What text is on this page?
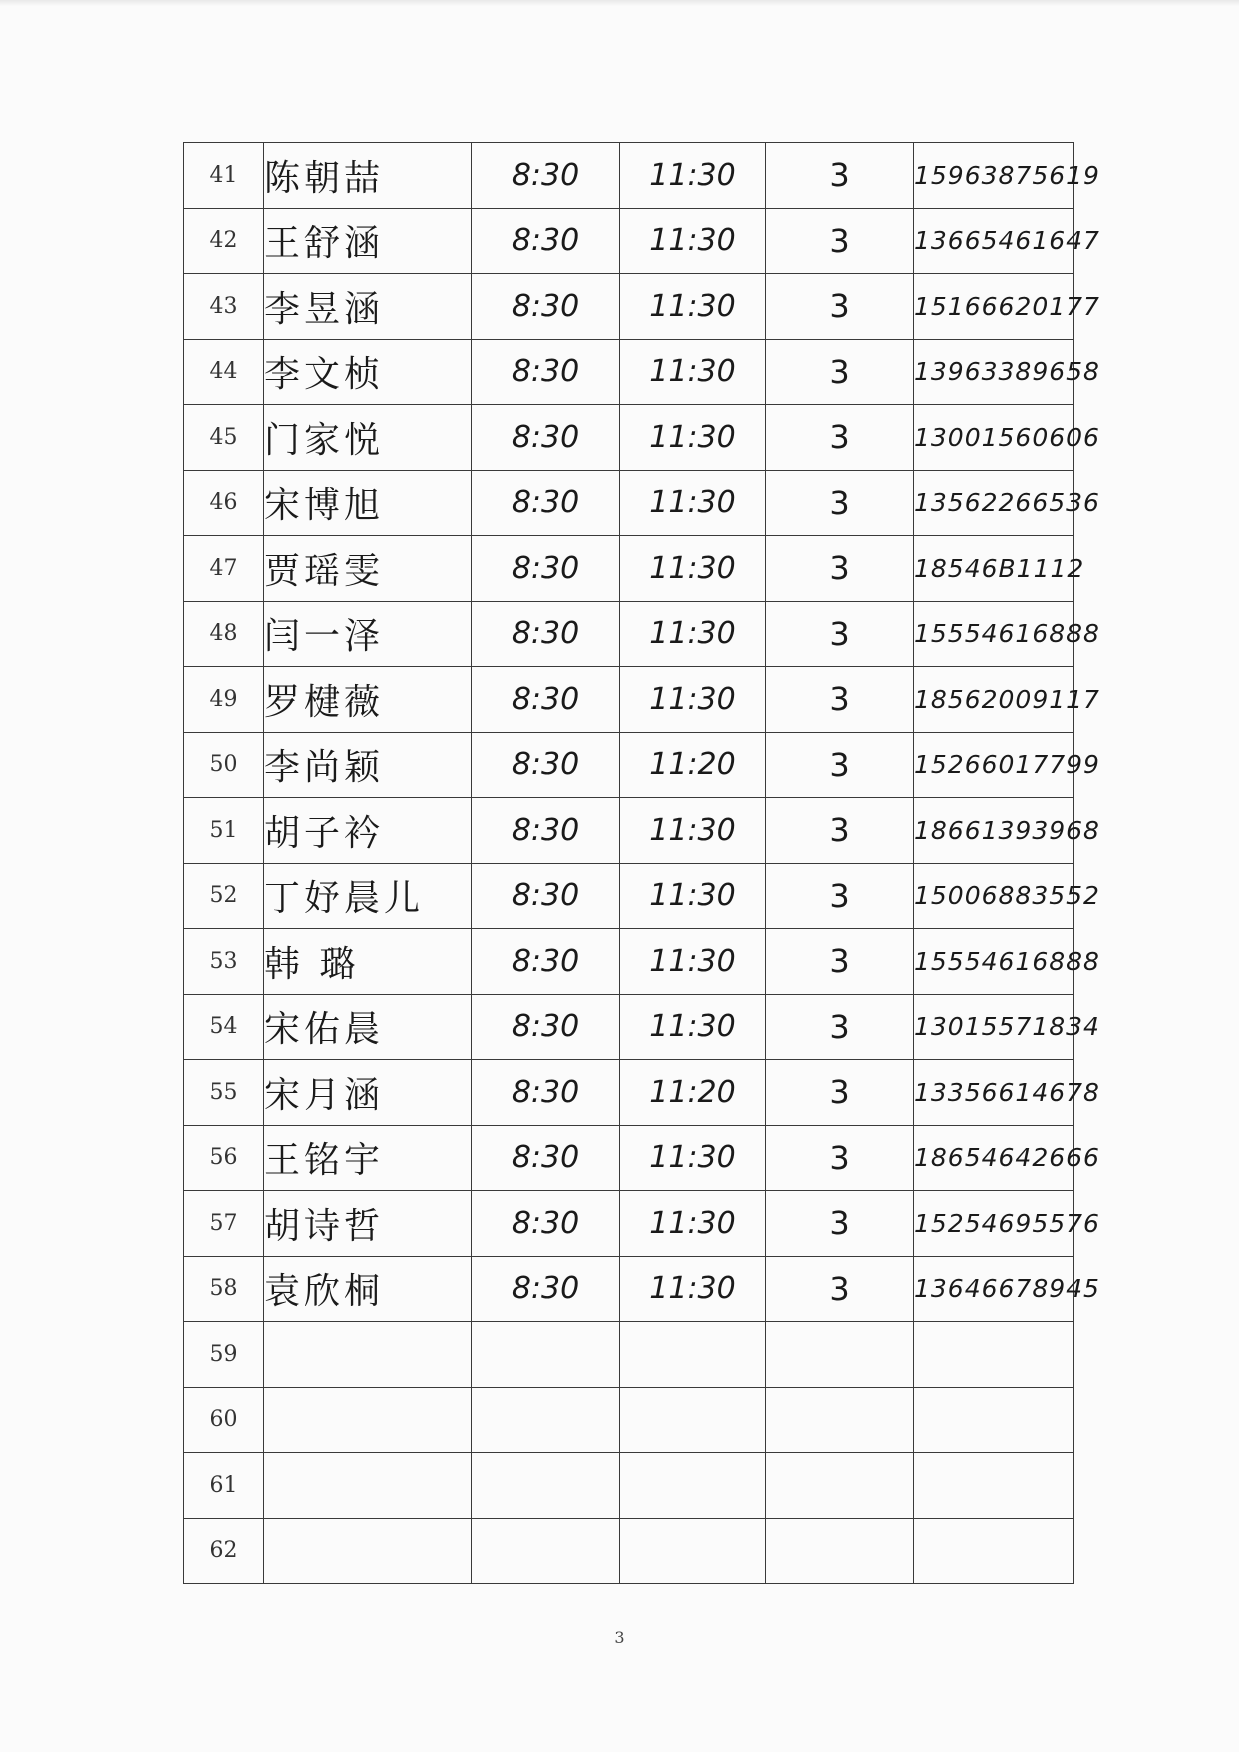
41	陈朝喆	8:30	11:30	3	15963875619
42	王舒涵	8:30	11:30	3	13665461647
43	李昱涵	8:30	11:30	3	15166620177
44	李文桢	8:30	11:30	3	13963389658
45	门家悦	8:30	11:30	3	13001560606
46	宋博旭	8:30	11:30	3	13562266536
47	贾瑶雯	8:30	11:30	3	18546B1112
48	闫一泽	8:30	11:30	3	15554616888
49	罗楗薇	8:30	11:30	3	18562009117
50	李尚颖	8:30	11:20	3	15266017799
51	胡子衿	8:30	11:30	3	18661393968
52	丁妤晨儿	8:30	11:30	3	15006883552
53	韩 璐	8:30	11:30	3	15554616888
54	宋佑晨	8:30	11:30	3	13015571834
55	宋月涵	8:30	11:20	3	13356614678
56	王铭宇	8:30	11:30	3	18654642666
57	胡诗哲	8:30	11:30	3	15254695576
58	袁欣桐	8:30	11:30	3	13646678945
59					
60					
61					
62					
3
